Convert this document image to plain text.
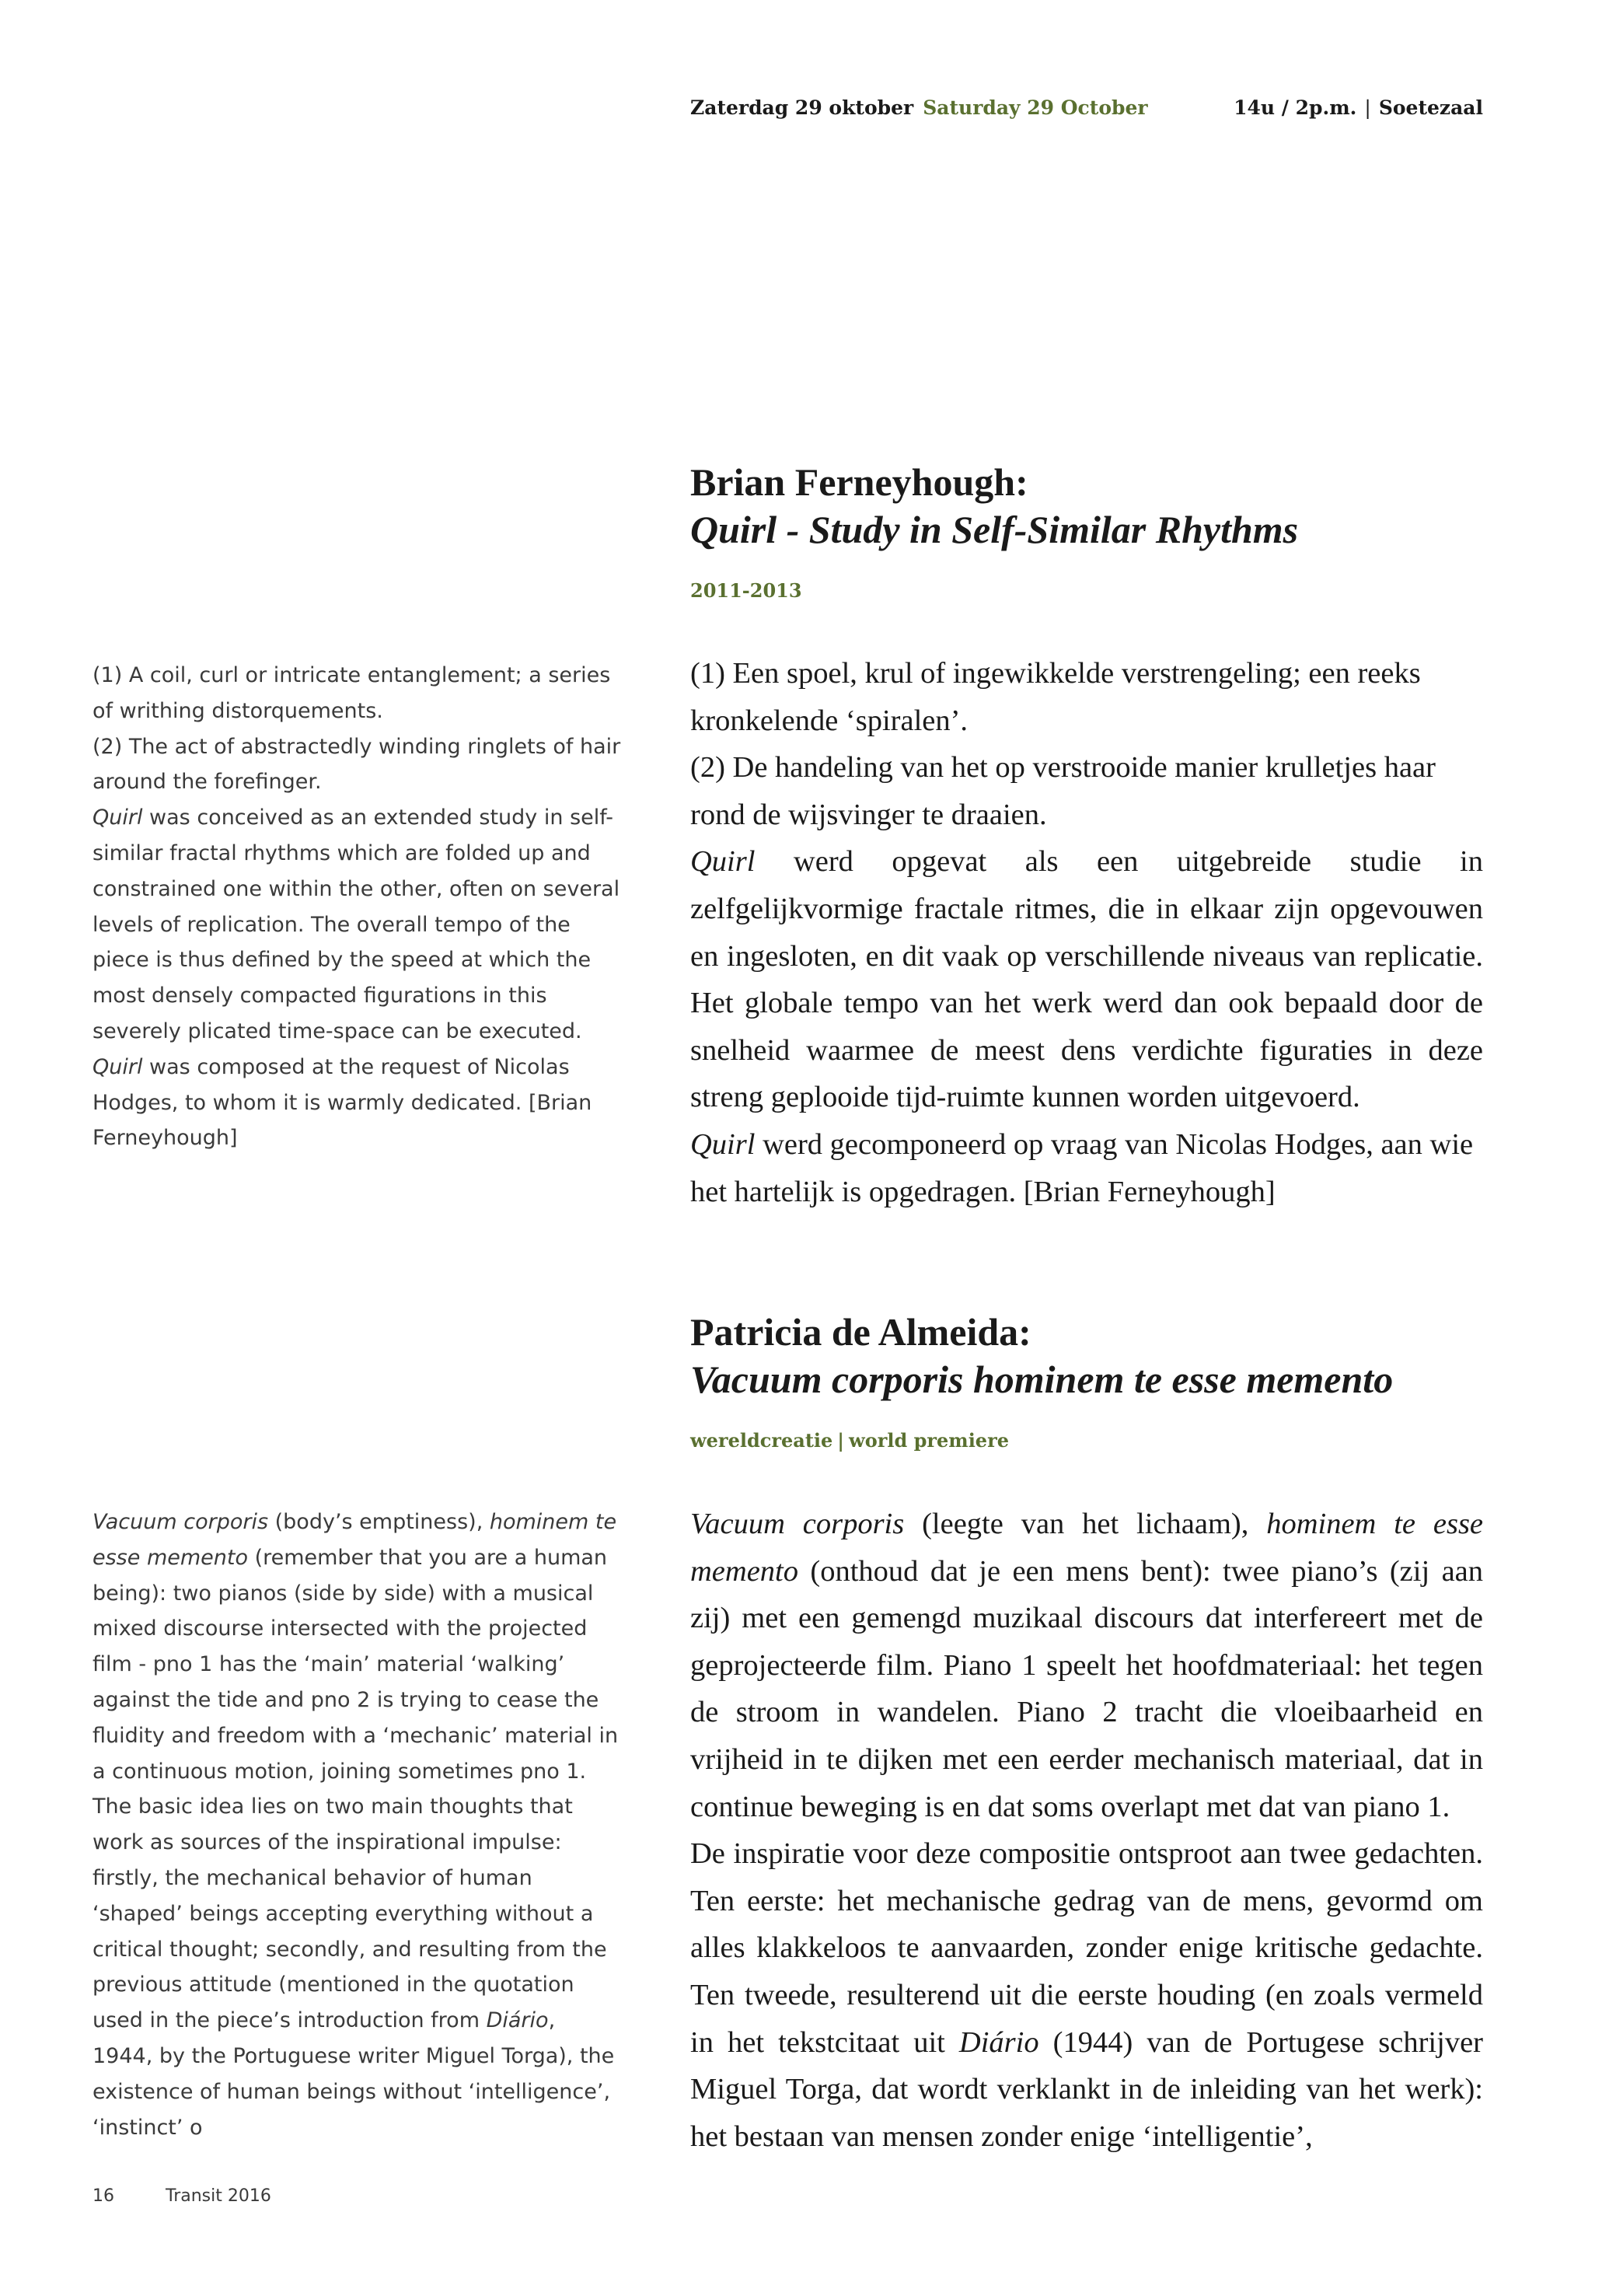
Zaterdag 29 oktober Saturday 29 October	14u / 2p.m. | Soetezaal
Brian Ferneyhough:
Quirl - Study in Self-Similar Rhythms
2011-2013

(1) A coil, curl or intricate entanglement; a series of writhing distorquements.

(2) The act of abstractedly winding ringlets of hair around the forefinger.

Quirl was conceived as an extended study in self-similar fractal rhythms which are folded up and constrained one within the other, often on several levels of replication. The overall tempo of the piece is thus defined by the speed at which the most densely compacted figurations in this severely plicated time-space can be executed.

Quirl was composed at the request of Nicolas Hodges, to whom it is warmly dedicated. [Brian Ferneyhough]

(1) Een spoel, krul of ingewikkelde verstrengeling; een reeks kronkelende ‘spiralen’.

(2) De handeling van het op verstrooide manier krulletjes haar rond de wijsvinger te draaien.

Quirl werd opgevat als een uitgebreide studie in zelfgelijkvormige fractale ritmes, die in elkaar zijn opgevouwen en ingesloten, en dit vaak op verschillende niveaus van replicatie. Het globale tempo van het werk werd dan ook bepaald door de snelheid waarmee de meest dens verdichte figuraties in deze streng geplooide tijd-ruimte kunnen worden uitgevoerd.

Quirl werd gecomponeerd op vraag van Nicolas Hodges, aan wie het hartelijk is opgedragen. [Brian Ferneyhough]

Patricia de Almeida:
Vacuum corporis hominem te esse memento
wereldcreatie | world premiere

Vacuum corporis (body’s emptiness), hominem te esse memento (remember that you are a human being): two pianos (side by side) with a musical mixed discourse intersected with the projected film - pno 1 has the ‘main’ material ‘walking’ against the tide and pno 2 is trying to cease the fluidity and freedom with a ‘mechanic’ material in a continuous motion, joining sometimes pno 1.

The basic idea lies on two main thoughts that work as sources of the inspirational impulse: firstly, the mechanical behavior of human ‘shaped’ beings accepting everything without a critical thought; secondly, and resulting from the previous attitude (mentioned in the quotation used in the piece’s introduction from Diário, 1944, by the Portuguese writer Miguel Torga), the existence of human beings without ‘intelligence’, ‘instinct’ o

Vacuum corporis (leegte van het lichaam), hominem te esse memento (onthoud dat je een mens bent): twee piano’s (zij aan zij) met een gemengd muzikaal discours dat interfereert met de geprojecteerde film. Piano 1 speelt het hoofdmateriaal: het tegen de stroom in wandelen. Piano 2 tracht die vloeibaarheid en vrijheid in te dijken met een eerder mechanisch materiaal, dat in continue beweging is en dat soms overlapt met dat van piano 1.

De inspiratie voor deze compositie ontsproot aan twee gedachten. Ten eerste: het mechanische gedrag van de mens, gevormd om alles klakkeloos te aanvaarden, zonder enige kritische gedachte. Ten tweede, resulterend uit die eerste houding (en zoals vermeld in het tekstcitaat uit Diário (1944) van de Portugese schrijver Miguel Torga, dat wordt verklankt in de inleiding van het werk): het bestaan van mensen zonder enige ‘intelligentie’,

16	Transit 2016
